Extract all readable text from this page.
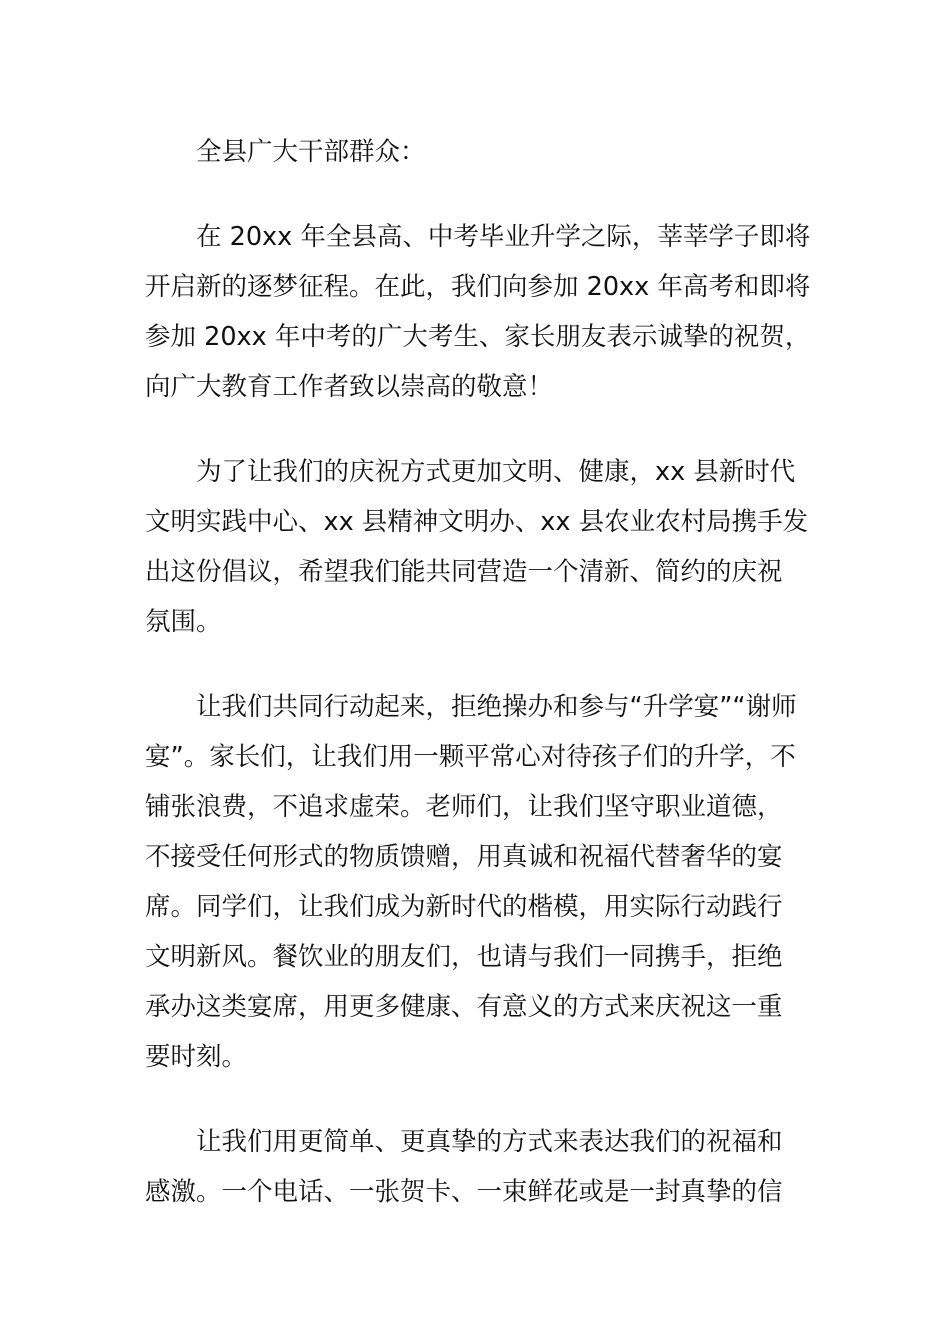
全县广大干部群众：
在 20xx 年全县高、中考毕业升学之际，莘莘学子即将
开启新的逐梦征程。在此，我们向参加 20xx 年高考和即将
参加 20xx 年中考的广大考生、家长朋友表示诚挚的祝贺，
向广大教育工作者致以崇高的敬意！
为了让我们的庆祝方式更加文明、健康，xx 县新时代
文明实践中心、xx 县精神文明办、xx 县农业农村局携手发
出这份倡议，希望我们能共同营造一个清新、简约的庆祝
氛围。
让我们共同行动起来，拒绝操办和参与“升学宴”“谢师
宴”。家长们，让我们用一颗平常心对待孩子们的升学，不
铺张浪费，不追求虚荣。老师们，让我们坚守职业道德，
不接受任何形式的物质馈赠，用真诚和祝福代替奢华的宴
席。同学们，让我们成为新时代的楷模，用实际行动践行
文明新风。餐饮业的朋友们，也请与我们一同携手，拒绝
承办这类宴席，用更多健康、有意义的方式来庆祝这一重
要时刻。
让我们用更简单、更真挚的方式来表达我们的祝福和
感激。一个电话、一张贺卡、一束鲜花或是一封真挚的信
